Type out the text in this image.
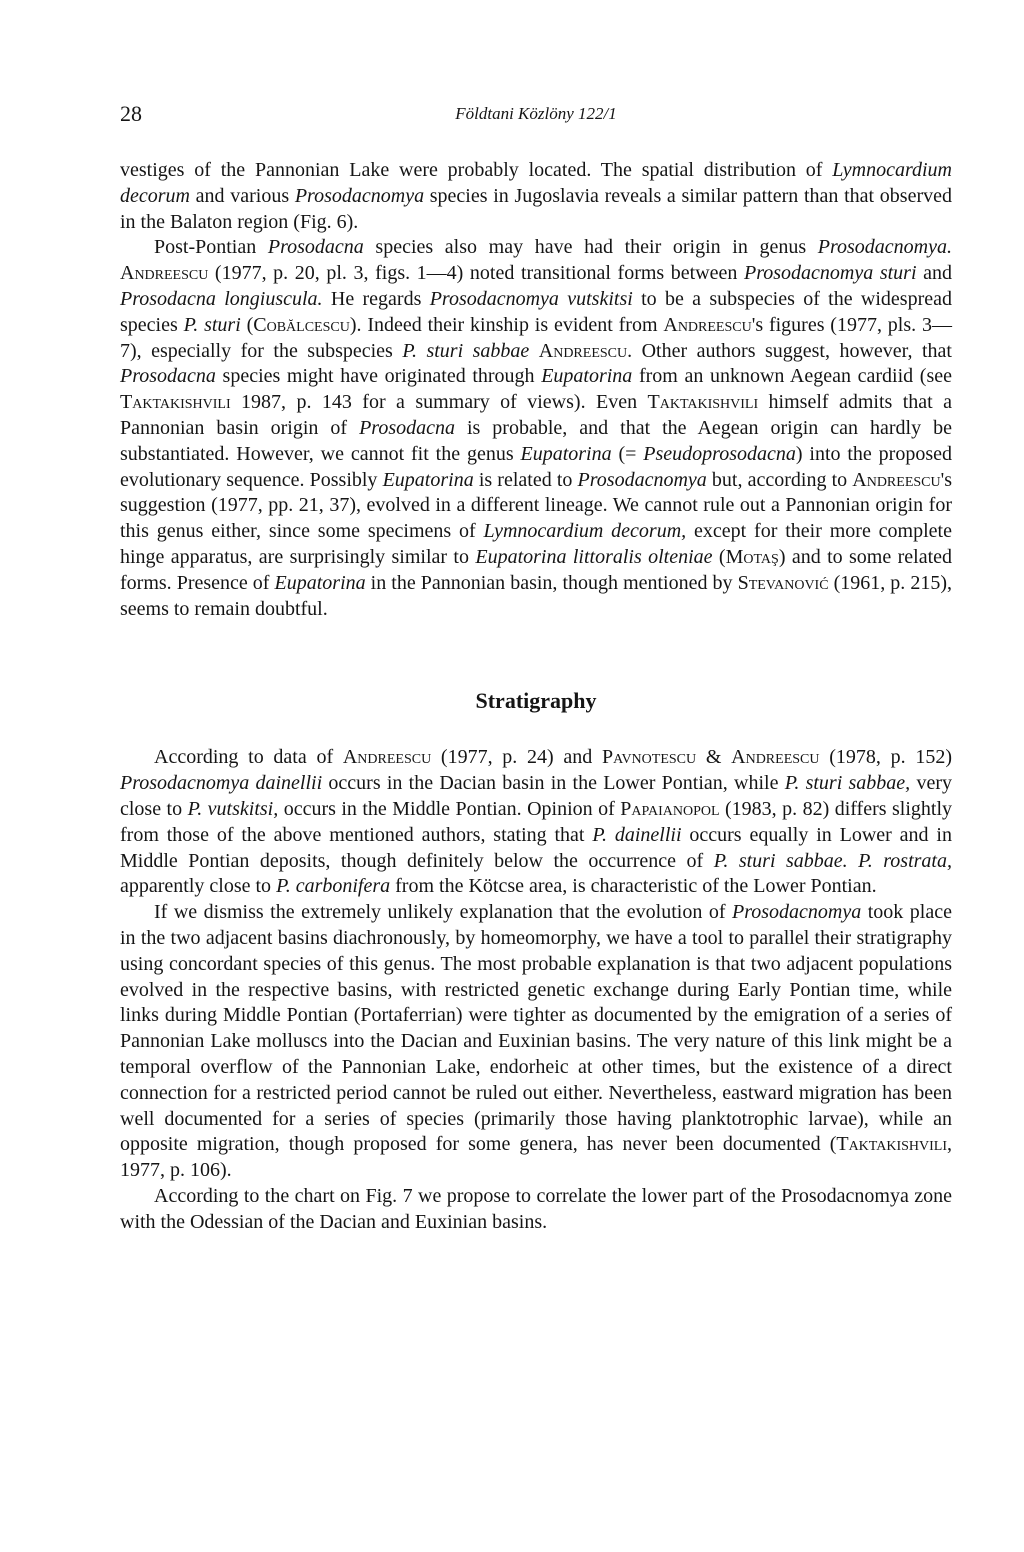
28	Földtani Közlöny 122/1

vestiges of the Pannonian Lake were probably located. The spatial distribution of Lymnocardium decorum and various Prosodacnomya species in Jugoslavia reveals a similar pattern than that observed in the Balaton region (Fig. 6).

Post-Pontian Prosodacna species also may have had their origin in genus Prosodacnomya. Andreescu (1977, p. 20, pl. 3, figs. 1—4) noted transitional forms between Prosodacnomya sturi and Prosodacna longiuscula. He regards Prosodacnomya vutskitsi to be a subspecies of the widespread species P. sturi (Cobălcescu). Indeed their kinship is evident from Andreescu's figures (1977, pls. 3—7), especially for the subspecies P. sturi sabbae Andreescu. Other authors suggest, however, that Prosodacna species might have originated through Eupatorina from an unknown Aegean cardiid (see Taktakishvili 1987, p. 143 for a summary of views). Even Taktakishvili himself admits that a Pannonian basin origin of Prosodacna is probable, and that the Aegean origin can hardly be substantiated. However, we cannot fit the genus Eupatorina (= Pseudoprosodacna) into the proposed evolutionary sequence. Possibly Eupatorina is related to Prosodacnomya but, according to Andreescu's suggestion (1977, pp. 21, 37), evolved in a different lineage. We cannot rule out a Pannonian origin for this genus either, since some specimens of Lymnocardium decorum, except for their more complete hinge apparatus, are surprisingly similar to Eupatorina littoralis olteniae (Motaş) and to some related forms. Presence of Eupatorina in the Pannonian basin, though mentioned by Stevanović (1961, p. 215), seems to remain doubtful.

Stratigraphy

According to data of Andreescu (1977, p. 24) and Pavnotescu & Andreescu (1978, p. 152) Prosodacnomya dainellii occurs in the Dacian basin in the Lower Pontian, while P. sturi sabbae, very close to P. vutskitsi, occurs in the Middle Pontian. Opinion of Papaianopol (1983, p. 82) differs slightly from those of the above mentioned authors, stating that P. dainellii occurs equally in Lower and in Middle Pontian deposits, though definitely below the occurrence of P. sturi sabbae. P. rostrata, apparently close to P. carbonifera from the Kötcse area, is characteristic of the Lower Pontian.

If we dismiss the extremely unlikely explanation that the evolution of Prosodacnomya took place in the two adjacent basins diachronously, by homeomorphy, we have a tool to parallel their stratigraphy using concordant species of this genus. The most probable explanation is that two adjacent populations evolved in the respective basins, with restricted genetic exchange during Early Pontian time, while links during Middle Pontian (Portaferrian) were tighter as documented by the emigration of a series of Pannonian Lake molluscs into the Dacian and Euxinian basins. The very nature of this link might be a temporal overflow of the Pannonian Lake, endorheic at other times, but the existence of a direct connection for a restricted period cannot be ruled out either. Nevertheless, eastward migration has been well documented for a series of species (primarily those having planktotrophic larvae), while an opposite migration, though proposed for some genera, has never been documented (Taktakishvili, 1977, p. 106).

According to the chart on Fig. 7 we propose to correlate the lower part of the Prosodacnomya zone with the Odessian of the Dacian and Euxinian basins.
